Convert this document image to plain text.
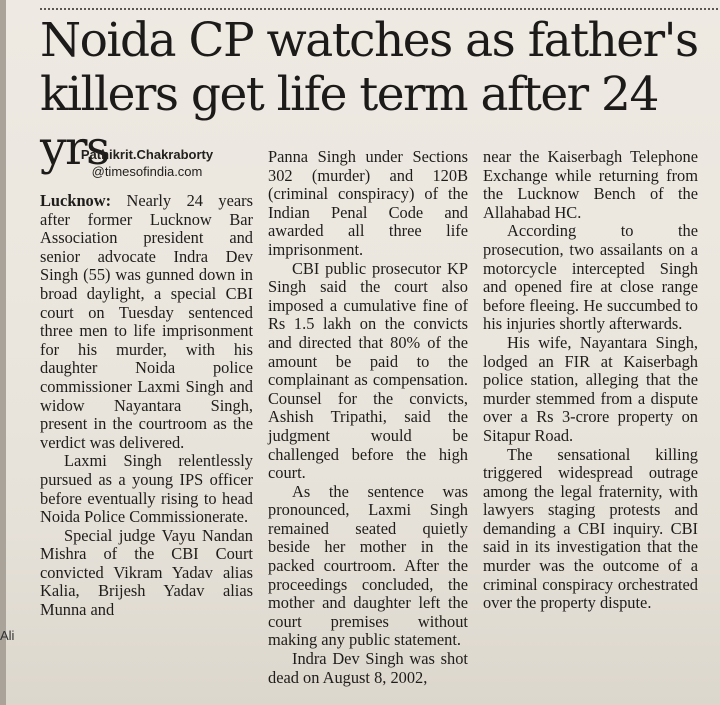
Noida CP watches as father's killers get life term after 24 yrs
Pathikrit.Chakraborty
@timesofindia.com

Lucknow: Nearly 24 years after former Lucknow Bar Association president and senior advocate Indra Dev Singh (55) was gunned down in broad daylight, a special CBI court on Tuesday sentenced three men to life imprisonment for his murder, with his daughter Noida police commissioner Laxmi Singh and widow Nayantara Singh, present in the courtroom as the verdict was delivered.

Laxmi Singh relentlessly pursued as a young IPS officer before eventually rising to head Noida Police Commissionerate.

Special judge Vayu Nandan Mishra of the CBI Court convicted Vikram Yadav alias Kalia, Brijesh Yadav alias Munna and

Panna Singh under Sections 302 (murder) and 120B (criminal conspiracy) of the Indian Penal Code and awarded all three life imprisonment.

CBI public prosecutor KP Singh said the court also imposed a cumulative fine of Rs 1.5 lakh on the convicts and directed that 80% of the amount be paid to the complainant as compensation. Counsel for the convicts, Ashish Tripathi, said the judgment would be challenged before the high court.

As the sentence was pronounced, Laxmi Singh remained seated quietly beside her mother in the packed courtroom. After the proceedings concluded, the mother and daughter left the court premises without making any public statement.

Indra Dev Singh was shot dead on August 8, 2002,

near the Kaiserbagh Telephone Exchange while returning from the Lucknow Bench of the Allahabad HC.

According to the prosecution, two assailants on a motorcycle intercepted Singh and opened fire at close range before fleeing. He succumbed to his injuries shortly afterwards.

His wife, Nayantara Singh, lodged an FIR at Kaiserbagh police station, alleging that the murder stemmed from a dispute over a Rs 3-crore property on Sitapur Road.

The sensational killing triggered widespread outrage among the legal fraternity, with lawyers staging protests and demanding a CBI inquiry. CBI said in its investigation that the murder was the outcome of a criminal conspiracy orchestrated over the property dispute.

Ali
